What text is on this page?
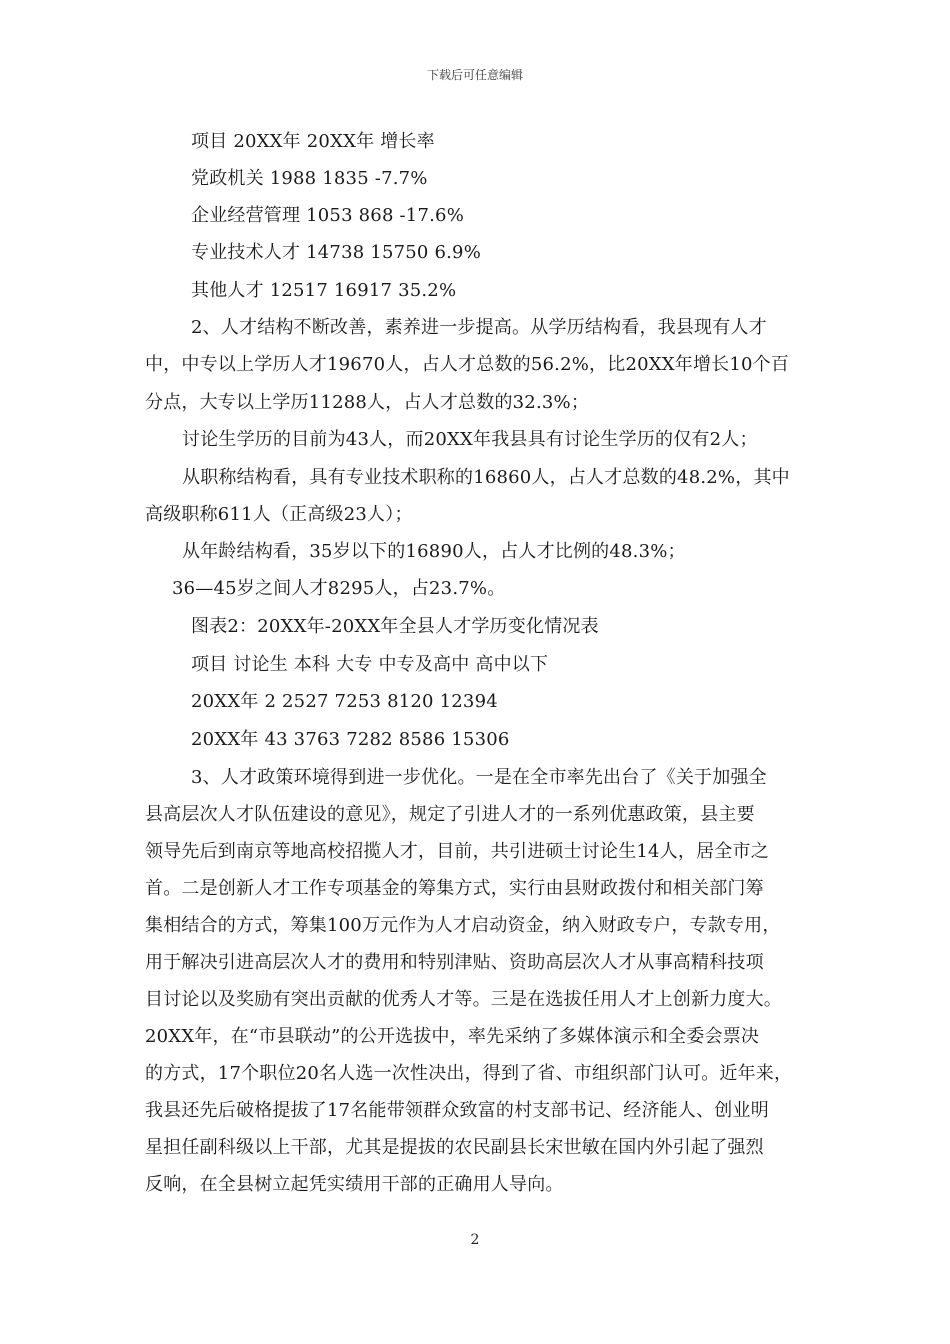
下载后可任意编辑
项目 20XX年 20XX年 增长率
党政机关 1988 1835 -7.7%
企业经营管理 1053 868 -17.6%
专业技术人才 14738 15750 6.9%
其他人才 12517 16917 35.2%
2、人才结构不断改善，素养进一步提高。从学历结构看，我县现有人才
中，中专以上学历人才19670人，占人才总数的56.2%，比20XX年增长10个百
分点，大专以上学历11288人，占人才总数的32.3%；
讨论生学历的目前为43人，而20XX年我县具有讨论生学历的仅有2人；
从职称结构看，具有专业技术职称的16860人，占人才总数的48.2%，其中
高级职称611人（正高级23人）；
从年龄结构看，35岁以下的16890人，占人才比例的48.3%；
36—45岁之间人才8295人，占23.7%。
图表2：20XX年-20XX年全县人才学历变化情况表
项目 讨论生 本科 大专 中专及高中 高中以下
20XX年 2 2527 7253 8120 12394
20XX年 43 3763 7282 8586 15306
3、人才政策环境得到进一步优化。一是在全市率先出台了《关于加强全
县高层次人才队伍建设的意见》，规定了引进人才的一系列优惠政策，县主要
领导先后到南京等地高校招揽人才，目前，共引进硕士讨论生14人，居全市之
首。二是创新人才工作专项基金的筹集方式，实行由县财政拨付和相关部门筹
集相结合的方式，筹集100万元作为人才启动资金，纳入财政专户，专款专用，
用于解决引进高层次人才的费用和特别津贴、资助高层次人才从事高精科技项
目讨论以及奖励有突出贡献的优秀人才等。三是在选拔任用人才上创新力度大。
20XX年，在“市县联动”的公开选拔中，率先采纳了多媒体演示和全委会票决
的方式，17个职位20名人选一次性决出，得到了省、市组织部门认可。近年来，
我县还先后破格提拔了17名能带领群众致富的村支部书记、经济能人、创业明
星担任副科级以上干部，尤其是提拔的农民副县长宋世敏在国内外引起了强烈
反响，在全县树立起凭实绩用干部的正确用人导向。
2
